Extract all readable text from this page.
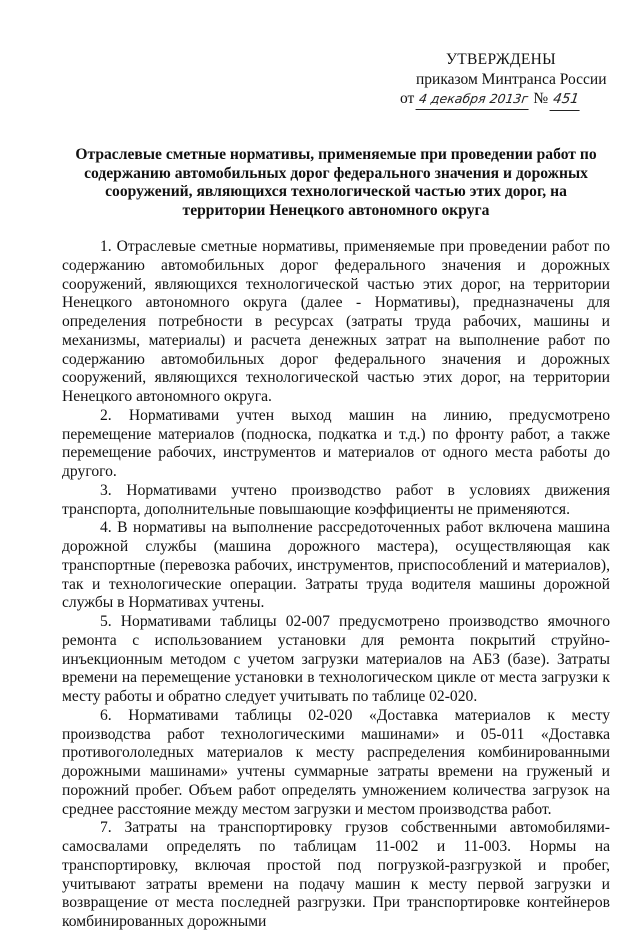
УТВЕРЖДЕНЫ
приказом Минтранса России
от 4 декабря 2013г № 451
Отраслевые сметные нормативы, применяемые при проведении работ по содержанию автомобильных дорог федерального значения и дорожных сооружений, являющихся технологической частью этих дорог, на территории Ненецкого автономного округа

1. Отраслевые сметные нормативы, применяемые при проведении работ по содержанию автомобильных дорог федерального значения и дорожных сооружений, являющихся технологической частью этих дорог, на территории Ненецкого автономного округа (далее - Нормативы), предназначены для определения потребности в ресурсах (затраты труда рабочих, машины и механизмы, материалы) и расчета денежных затрат на выполнение работ по содержанию автомобильных дорог федерального значения и дорожных сооружений, являющихся технологической частью этих дорог, на территории Ненецкого автономного округа.

2. Нормативами учтен выход машин на линию, предусмотрено перемещение материалов (подноска, подкатка и т.д.) по фронту работ, а также перемещение рабочих, инструментов и материалов от одного места работы до другого.

3. Нормативами учтено производство работ в условиях движения транспорта, дополнительные повышающие коэффициенты не применяются.

4. В нормативы на выполнение рассредоточенных работ включена машина дорожной службы (машина дорожного мастера), осуществляющая как транспортные (перевозка рабочих, инструментов, приспособлений и материалов), так и технологические операции. Затраты труда водителя машины дорожной службы в Нормативах учтены.

5. Нормативами таблицы 02-007 предусмотрено производство ямочного ремонта с использованием установки для ремонта покрытий струйно-инъекционным методом с учетом загрузки материалов на АБЗ (базе). Затраты времени на перемещение установки в технологическом цикле от места загрузки к месту работы и обратно следует учитывать по таблице 02-020.

6. Нормативами таблицы 02-020 «Доставка материалов к месту производства работ технологическими машинами» и 05-011 «Доставка противогололедных материалов к месту распределения комбинированными дорожными машинами» учтены суммарные затраты времени на груженый и порожний пробег. Объем работ определять умножением количества загрузок на среднее расстояние между местом загрузки и местом производства работ.

7. Затраты на транспортировку грузов собственными автомобилями-самосвалами определять по таблицам 11-002 и 11-003. Нормы на транспортировку, включая простой под погрузкой-разгрузкой и пробег, учитывают затраты времени на подачу машин к месту первой загрузки и возвращение от места последней разгрузки. При транспортировке контейнеров комбинированных дорожными
